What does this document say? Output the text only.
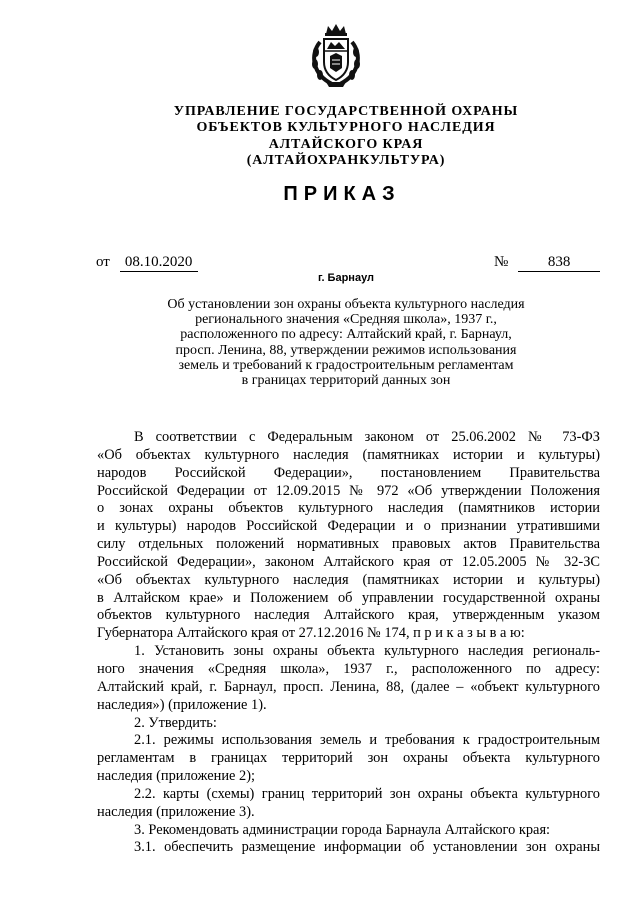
УПРАВЛЕНИЕ ГОСУДАРСТВЕННОЙ ОХРАНЫ
ОБЪЕКТОВ КУЛЬТУРНОГО НАСЛЕДИЯ
АЛТАЙСКОГО КРАЯ
(АЛТАЙОХРАНКУЛЬТУРА)
ПРИКАЗ
от 08.10.2020	№	838
г. Барнаул
Об установлении зон охраны объекта культурного наследия
регионального значения «Средняя школа», 1937 г.,
расположенного по адресу: Алтайский край, г. Барнаул,
просп. Ленина, 88, утверждении режимов использования
земель и требований к градостроительным регламентам
в границах территорий данных зон
В соответствии с Федеральным законом от 25.06.2002 № 73-ФЗ
«Об объектах культурного наследия (памятниках истории и культуры)
народов Российской Федерации», постановлением Правительства
Российской Федерации от 12.09.2015 № 972 «Об утверждении Положения
о зонах охраны объектов культурного наследия (памятников истории
и культуры) народов Российской Федерации и о признании утратившими
силу отдельных положений нормативных правовых актов Правительства
Российской Федерации», законом Алтайского края от 12.05.2005 № 32-ЗС
«Об объектах культурного наследия (памятниках истории и культуры)
в Алтайском крае» и Положением об управлении государственной охраны
объектов культурного наследия Алтайского края, утвержденным указом
Губернатора Алтайского края от 27.12.2016 № 174, п р и к а з ы в а ю:
1. Установить зоны охраны объекта культурного наследия региональ-
ного значения «Средняя школа», 1937 г., расположенного по адресу:
Алтайский край, г. Барнаул, просп. Ленина, 88, (далее – «объект культурного
наследия») (приложение 1).
2. Утвердить:
2.1. режимы использования земель и требования к градостроительным
регламентам в границах территорий зон охраны объекта культурного
наследия (приложение 2);
2.2. карты (схемы) границ территорий зон охраны объекта культурного
наследия (приложение 3).
3. Рекомендовать администрации города Барнаула Алтайского края:
3.1. обеспечить размещение информации об установлении зон охраны
